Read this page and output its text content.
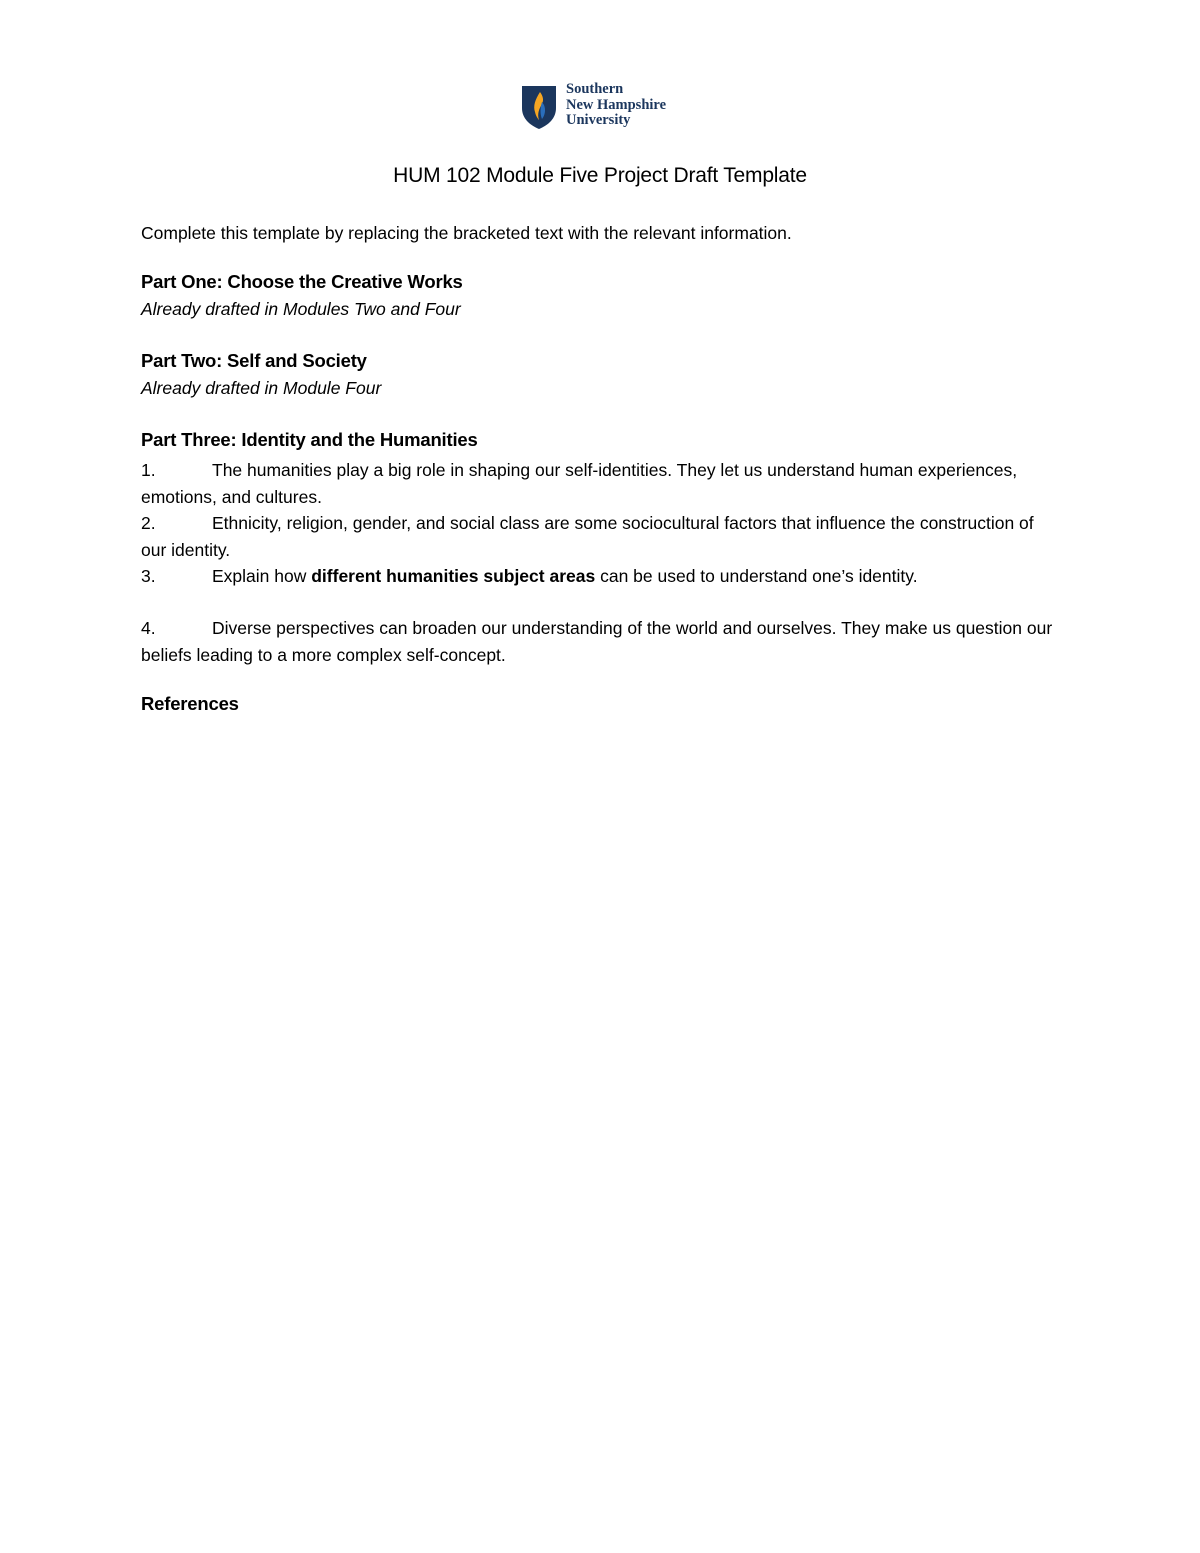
Southern
New Hampshire
University
HUM 102 Module Five Project Draft Template
Complete this template by replacing the bracketed text with the relevant information.
Part One: Choose the Creative Works
Already drafted in Modules Two and Four
Part Two: Self and Society
Already drafted in Module Four
Part Three: Identity and the Humanities
1.	The humanities play a big role in shaping our self-identities. They let us understand human experiences, emotions, and cultures.
2.	Ethnicity, religion, gender, and social class are some sociocultural factors that influence the construction of our identity.
3.	Explain how different humanities subject areas can be used to understand one’s identity.
4.	Diverse perspectives can broaden our understanding of the world and ourselves. They make us question our beliefs leading to a more complex self-concept.
References
